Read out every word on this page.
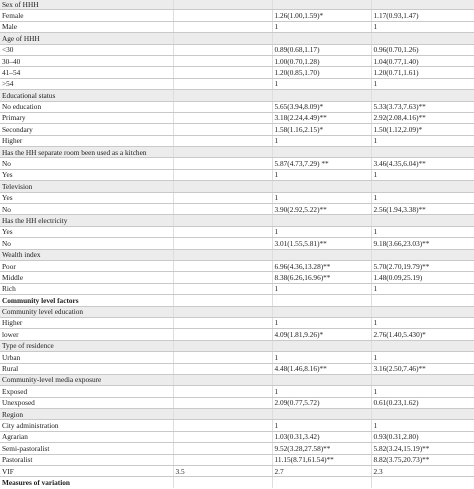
Sex of HHH			
Female		1.26(1.00,1.59)*	1.17(0.93,1.47)
Male		1	1
Age of HHH			
<30		0.89(0.68,1.17)	0.96(0.70,1.26)
30–40		1.00(0.70,1.28)	1.04(0.77,1.40)
41–54		1.20(0.85,1.70)	1.20(0.71,1.61)
>54		1	1
Educational status			
No education		5.65(3.94,8.09)*	5.33(3.73,7.63)**
Primary		3.18(2.24,4.49)**	2.92(2.08,4.16)**
Secondary		1.58(1.16,2.15)*	1.50(1.12,2.09)*
Higher		1	1
Has the HH separate room been used as a kitchen			
No		5.87(4.73,7.29) **	3.46(4.35,6.04)**
Yes		1	1
Television			
Yes		1	1
No		3.90(2.92,5.22)**	2.56(1.94,3.38)**
Has the HH electricity			
Yes		1	1
No		3.01(1.55,5.81)**	9.18(3.66,23.03)**
Wealth index			
Poor		6.96(4.36,13.28)**	5.70(2.70,19.79)**
Middle		8.38(6.26,16.96)**	1.48(0.09,25.19)
Rich		1	1
Community level factors			
Community level education			
Higher		1	1
lower		4.09(1.81,9.26)*	2.76(1.40,5.430)*
Type of residence			
Urban		1	1
Rural		4.48(1.46,8.16)**	3.16(2.50,7.46)**
Community-level media exposure			
Exposed		1	1
Unexposed		2.09(0.77,5.72)	0.61(0.23,1.62)
Region			
City administration		1	1
Agrarian		1.03(0.31,3.42)	0.93(0.31,2.80)
Semi-pastoralist		9.52(3.28,27.58)**	5.82(3.24,15.19)**
Pastoralist		11.15(8.71,61.54)**	8.82(3.75,20.73)**
VIF	3.5	2.7	2.3
Measures of variation			
